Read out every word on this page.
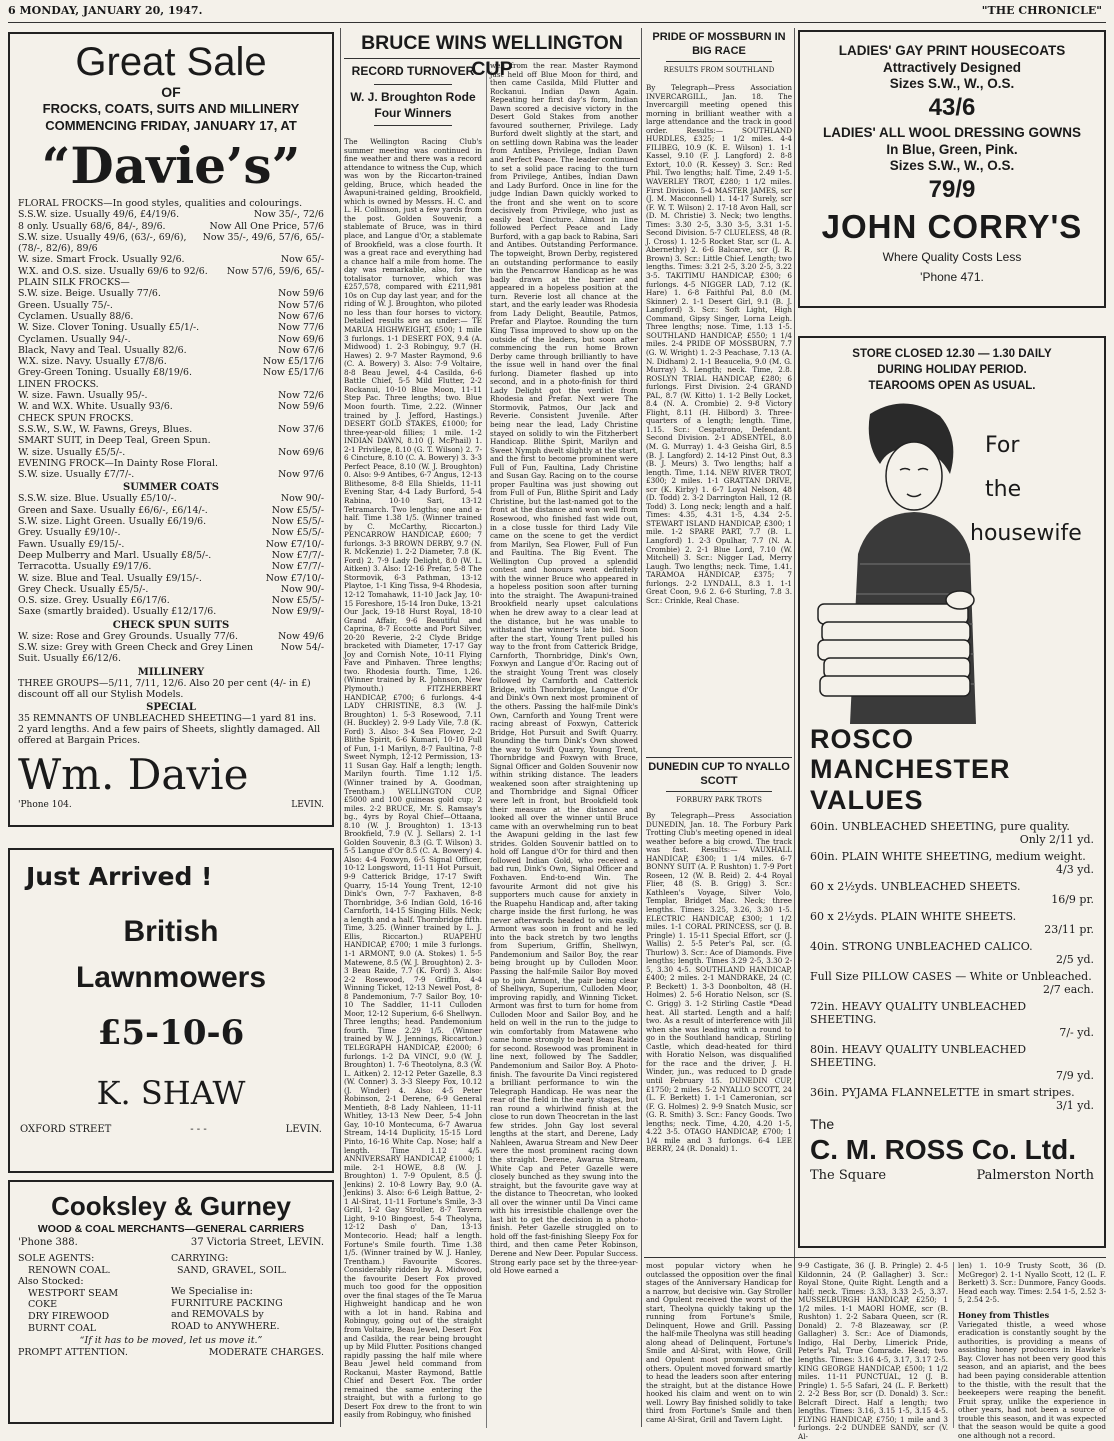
6 MONDAY, JANUARY 20, 1947.	"THE CHRONICLE"
Great Sale
OF
FROCKS, COATS, SUITS AND MILLINERY
COMMENCING FRIDAY, JANUARY 17, AT
“Davie’s”
FLORAL FROCKS—In good styles, qualities and colourings.
S.S.W. size. Usually 49/6, £4/19/6.	Now 35/-, 72/6
8 only. Usually 68/6, 84/-, 89/6.	Now All One Price, 57/6
S.W. size. Usually 49/6, (63/-, 69/6), (78/-, 82/6), 89/6
Now 35/-, 49/6, 57/6, 65/-
W. size. Smart Frock. Usually 92/6.	Now 65/-
W.X. and O.S. size. Usually 69/6 to 92/6.	Now 57/6, 59/6, 65/-
PLAIN SILK FROCKS—
S.W. size. Beige. Usually 77/6.	Now 59/6
Green. Usually 75/-.	Now 57/6
Cyclamen. Usually 88/6.	Now 67/6
W. Size. Clover Toning. Usually £5/1/-.	Now 77/6
Cyclamen. Usually 94/-.	Now 69/6
Black, Navy and Teal. Usually 82/6.	Now 67/6
W.X. size. Navy. Usually £7/8/6.	Now £5/17/6
Grey-Green Toning. Usually £8/19/6.	Now £5/17/6
LINEN FROCKS.
W. size. Fawn. Usually 95/-.	Now 72/6
W. and W.X. White. Usually 93/6.	Now 59/6
CHECK SPUN FROCKS.
S.S.W., S.W., W. Fawns, Greys, Blues.	Now 37/6
SMART SUIT, in Deep Teal, Green Spun.
W. size. Usually £5/5/-.	Now 69/6
EVENING FROCK—In Dainty Rose Floral.
S.W. size. Usually £7/7/-.	Now 97/6
SUMMER COATS
S.S.W. size. Blue. Usually £5/10/-.	Now 90/-
Green and Saxe. Usually £6/6/-, £6/14/-.	Now £5/5/-
S.W. size. Light Green. Usually £6/19/6.	Now £5/5/-
Grey. Usually £9/10/-.	Now £5/5/-
Fawn. Usually £9/15/-.	Now £7/10/-
Deep Mulberry and Marl. Usually £8/5/-.	Now £7/7/-
Terracotta. Usually £9/17/6.	Now £7/7/-
W. size. Blue and Teal. Usually £9/15/-.	Now £7/10/-
Grey Check. Usually £5/5/-.	Now 90/-
O.S. size. Grey. Usually £6/17/6.	Now £5/5/-
Saxe (smartly braided). Usually £12/17/6.	Now £9/9/-
CHECK SPUN SUITS
W. size: Rose and Grey Grounds. Usually 77/6.	Now 49/6
S.W. size: Grey with Green Check and Grey Linen Suit. Usually £6/12/6.
Now 54/-
MILLINERY
THREE GROUPS—5/11, 7/11, 12/6. Also 20 per cent (4/- in £) discount off all our Stylish Models.
SPECIAL
35 REMNANTS OF UNBLEACHED SHEETING—1 yard 81 ins. 2 yard lengths. And a few pairs of Sheets, slightly damaged. All offered at Bargain Prices.
Wm. Davie
'Phone 104.	LEVIN.
Just Arrived !
British
Lawnmowers
£5-10-6
K. SHAW
OXFORD STREET	- - -	LEVIN.
Cooksley & Gurney
WOOD & COAL MERCHANTS—GENERAL CARRIERS
'Phone 388.	37 Victoria Street, LEVIN.
SOLE AGENTS:
RENOWN COAL.
Also Stocked:
WESTPORT SEAM
COKE
DRY FIREWOOD
BURNT COAL
CARRYING:
SAND, GRAVEL, SOIL.
We Specialise in:
FURNITURE PACKING
and REMOVALS by
ROAD to ANYWHERE.
“If it has to be moved, let us move it.”
PROMPT ATTENTION.	MODERATE CHARGES.
BRUCE WINS WELLINGTON CUP
RECORD TURNOVER
W. J. Broughton Rode Four Winners

The Wellington Racing Club's summer meeting was continued in fine weather and there was a record attendance to witness the Cup, which was won by the Riccarton-trained gelding, Bruce, which headed the Awapuni-trained gelding, Brookfield, which is owned by Messrs. H. C. and L. H. Collinson, just a few yards from the post. Golden Souvenir, a stablemate of Bruce, was in third place, and Langue d'Or, a stablemate of Brookfield, was a close fourth. It was a great race and everything had a chance half a mile from home. The day was remarkable, also, for the totalisator turnover, which was £257,578, compared with £211,981 10s on Cup day last year, and for the riding of W. J. Broughton, who piloted no less than four horses to victory. Detailed results are as under:— TE MARUA HIGHWEIGHT, £500; 1 mile 3 furlongs. 1-1 DESERT FOX, 9.4 (A. Midwood) 1. 2-3 Robinguy, 9.7 (H. Hawes) 2. 9-7 Master Raymond, 9.6 (C. A. Bowery) 3. Also: 7-9 Voltaire, 8-8 Beau Jewel, 4-4 Casilda, 6-6 Battle Chief, 5-5 Mild Flutter, 2-2 Rockanui, 10-10 Blue Moon, 11-11 Step Pac. Three lengths; two. Blue Moon fourth. Time, 2.22. (Winner trained by J. Jefford, Hastings.) DESERT GOLD STAKES, £1000; for three-year-old fillies; 1 mile. 1-2 INDIAN DAWN, 8.10 (J. McPhail) 1. 2-1 Privilege, 8.10 (G. T. Wilson) 2. 7-6 Cincture, 8.10 (C. A. Bowery) 3. 3-3 Perfect Peace, 8.10 (W. J. Broughton) 0. Also: 9-9 Antibes, 6-7 Angus, 12-13 Blithesome, 8-8 Ella Shields, 11-11 Evening Star, 4-4 Lady Burford, 5-4 Rabina, 10-10 Sari, 13-12 Tetramarch. Two lengths; one and a-half. Time 1.38 1/5. (Winner trained by C. McCarthy, Riccarton.) PENCARROW HANDICAP, £600; 7 furlongs. 3-3 BROWN DERBY, 9.7 (N. R. McKenzie) 1. 2-2 Diameter, 7.8 (K. Ford) 2. 7-9 Lady Delight, 8.0 (W. L. Aitken) 3. Also: 12-16 Prefar, 5-8 The Stormovik, 6-3 Pathman, 13-12 Playtoe, 1-1 King Tissa, 9-4 Rhodesia, 12-12 Tomahawk, 11-10 Jack Jay, 10-15 Foreshore, 15-14 Iron Duke, 13-21 Our Jack, 19-18 Hurst Royal, 18-10 Grand Affair, 9-6 Beautiful and Caprina, 8-7 Eccotte and Port Silver, 20-20 Reverie, 2-2 Clyde Bridge bracketed with Diameter, 17-17 Gay Joy and Cornish Note, 10-11 Flying Fave and Pinhaven. Three lengths; two. Rhodesia fourth. Time, 1.26. (Winner trained by R. Johnson, New Plymouth.) FITZHERBERT HANDICAP, £700; 6 furlongs. 4-4 LADY CHRISTINE, 8.3 (W. J. Broughton) 1. 5-3 Rosewood, 7.11 (H. Buckley) 2. 9-9 Lady Vile, 7.8 (K. Ford) 3. Also: 3-4 Sea Flower, 2-2 Blithe Spirit, 6-6 Kumari, 10-10 Full of Fun, 1-1 Marilyn, 8-7 Faultina, 7-8 Sweet Nymph, 12-12 Permission, 13-11 Susan Gay. Half a length; length. Marilyn fourth. Time 1.12 1/5. (Winner trained by A. Goodman, Trentham.) WELLINGTON CUP, £5000 and 100 guineas gold cup; 2 miles. 2-2 BRUCE, Mr. S. Ramsay's bg., 4yrs by Royal Chief—Ottaana, 8.10 (W. J. Broughton) 1. 13-13 Brookfield, 7.9 (V. J. Sellars) 2. 1-1 Golden Souvenir, 8.3 (G. T. Wilson) 3. 5-5 Langue d'Or 8.5 (C. A. Bowery) 4. Also: 4-4 Foxwyn, 6-5 Signal Officer, 10-12 Longsword, 11-11 Hot Pursuit, 9-9 Catterick Bridge, 17-17 Swift Quarry, 15-14 Young Trent, 12-10 Dink's Own, 7-7 Faxhaven, 8-8 Thornbridge, 3-6 Indian Gold, 16-16 Carnforth, 14-15 Singing Hills. Neck; a length and a half. Thornbridge fifth. Time, 3.25. (Winner trained by L. J. Ellis, Riccarton.) RUAPEHU HANDICAP, £700; 1 mile 3 furlongs. 1-1 ARMONT, 9.0 (A. Stokes) 1. 5-5 Matewene, 8.5 (W. J. Broughton) 2. 3-3 Beau Raide, 7.7 (K. Ford) 3. Also: 2-2 Rosewood, 7-9 Griffin, 4-4 Winning Ticket, 12-13 Newel Post, 8-8 Pandemonium, 7-7 Sailor Boy, 10-10 The Saddler, 11-11 Culloden Moor, 12-12 Superium, 6-6 Shellwyn. Three lengths; head. Pandemonium fourth. Time 2.29 1/5. (Winner trained by W. J. Jennings, Riccarton.) TELEGRAPH HANDICAP, £2000; 6 furlongs. 1-2 DA VINCI, 9.0 (W. J. Broughton) 1. 7-6 Theotolyna, 8.3 (W. L. Aitken) 2. 12-12 Peter Gazelle, 8.3 (W. Conner) 3. 3-3 Sleepy Fox, 10.12 (J. Winder) 4. Also: 4-5 Peter Robinson, 2-1 Derene, 6-9 General Mentieth, 8-8 Lady Nahleen, 11-11 Whitley, 13-13 New Deer, 5-4 John Gay, 10-10 Montecuma, 6-7 Awarua Stream, 14-14 Duplicity, 15-15 Lord Pinto, 16-16 White Cap. Nose; half a length. Time 1.12 4/5. ANNIVERSARY HANDICAP, £1000; 1 mile. 2-1 HOWE, 8.8 (W. J. Broughton) 1. 7-9 Opulent, 8.5 (J. Jenkins) 2. 10-8 Lowry Bay, 9.0 (A. Jenkins) 3. Also: 6-6 Leigh Battue, 2-1 Al-Sirat, 11-11 Fortune's Smile, 3-3 Grill, 1-2 Gay Stroller, 8-7 Tavern Light, 9-10 Bingoest, 5-4 Theolyna, 12-12 Dash o' Dan, 13-13 Montecorio. Head; half a length. Fortune's Smile fourth. Time 1.38 1/5. (Winner trained by W. J. Hanley, Trentham.) Favourite Scores. Considerably ridden by A. Midwood, the favourite Desert Fox proved much too good for the opposition over the final stages of the Te Marua Highweight handicap and he won with a lot in hand. Rabina and Robinguy, going out of the straight from Voltaire, Beau Jewel, Desert Fox and Casilda, the rear being brought up by Mild Flutter. Positions changed rapidly passing the half mile where Beau Jewel held command from Rockanui, Master Raymond, Battle Chief and Desert Fox. The order remained the same entering the straight, but with a furlong to go Desert Fox drew to the front to win easily from Robinguy, who finished

well from the rear. Master Raymond just held off Blue Moon for third, and then came Casilda, Mild Flutter and Rockanui. Indian Dawn Again. Repeating her first day's form, Indian Dawn scored a decisive victory in the Desert Gold Stakes from another favoured southerner, Privilege. Lady Burford dwelt slightly at the start, and on settling down Rabina was the leader from Antibes, Privilege, Indian Dawn and Perfect Peace. The leader continued to set a solid pace racing to the turn from Privilege, Antibes, Indian Dawn and Lady Burford. Once in line for the judge Indian Dawn quickly worked to the front and she went on to score decisively from Privilege, who just as easily beat Cincture. Almost in line followed Perfect Peace and Lady Burford, with a gap back to Rabina, Sari and Antibes. Outstanding Performance. The topweight, Brown Derby, registered an outstanding performance to easily win the Pencarrow Handicap as he was badly drawn at the barrier and appeared in a hopeless position at the turn. Reverie lost all chance at the start, and the early leader was Rhodesia from Lady Delight, Beautile, Patmos, Prefar and Playtoe. Rounding the turn King Tissa improved to show up on the outside of the leaders, but soon after commencing the run home Brown Derby came through brilliantly to have the issue well in hand over the final furlong. Diameter flashed up into second, and in a photo-finish for third Lady Delight got the verdict from Rhodesia and Prefar. Next were The Stormovik, Patmos, Our Jack and Reverie. Consistent Juvenile. After being near the lead, Lady Christine stayed on solidly to win the Fitzherbert Handicap. Blithe Spirit, Marilyn and Sweet Nymph dwelt slightly at the start, and the first to become prominent were Full of Fun, Faultina, Lady Christine and Susan Gay. Racing on to the course proper Faultina was just showing out from Full of Fun, Blithe Spirit and Lady Christine, but the last-named got to the front at the distance and won well from Rosewood, who finished fast wide out, in a close tussle for third Lady Vile came on the scene to get the verdict from Marilyn, Sea Flower, Full of Fun and Faultina. The Big Event. The Wellington Cup proved a splendid contest and honours went definitely with the winner Bruce who appeared in a hopeless position soon after turning into the straight. The Awapuni-trained Brookfield nearly upset calculations when he drew away to a clear lead at the distance, but he was unable to withstand the winner's late bid. Soon after the start, Young Trent pulled his way to the front from Catterick Bridge, Carnforth, Thornbridge, Dink's Own, Foxwyn and Langue d'Or. Racing out of the straight Young Trent was closely followed by Carnforth and Catterick Bridge, with Thornbridge, Langue d'Or and Dink's Own next most prominent of the others. Passing the half-mile Dink's Own, Carnforth and Young Trent were racing abreast of Foxwyn, Catterick Bridge, Hot Pursuit and Swift Quarry. Rounding the turn Dink's Own showed the way to Swift Quarry, Young Trent, Thornbridge and Foxwyn with Bruce, Signal Officer and Golden Souvenir now within striking distance. The leaders weakened soon after straightening up and Thornbridge and Signal Officer were left in front, but Brookfield took their measure at the distance and looked all over the winner until Bruce came with an overwhelming run to beat the Awapuni gelding in the last few strides. Golden Souvenir battled on to hold off Langue d'Or for third and then followed Indian Gold, who received a bad run, Dink's Own, Signal Officer and Foxhaven. End-to-end Win. The favourite Armont did not give his supporters much cause for anxiety in the Ruapehu Handicap and, after taking charge inside the first furlong, he was never afterwards headed to win easily. Armont was soon in front and he led into the back stretch by two lengths from Superium, Griffin, Shellwyn, Pandemonium and Sailor Boy, the rear being brought up by Culloden Moor. Passing the half-mile Sailor Boy moved up to join Armont, the pair being clear of Shellwyn, Superium, Culloden Moor, improving rapidly, and Winning Ticket. Armont was first to turn for home from Culloden Moor and Sailor Boy, and he held on well in the run to the judge to win comfortably from Matawene who came home strongly to beat Beau Raide for second. Rosewood was prominent in line next, followed by The Saddler, Pandemonium and Sailor Boy. A Photo-finish. The favourite Da Vinci registered a brilliant performance to win the Telegraph Handicap. He was near the rear of the field in the early stages, but ran round a whirlwind finish at the close to run down Theocretan in the last few strides. John Gay lost several lengths at the start, and Derene, Lady Nahleen, Awarua Stream and New Deer were the most prominent racing down the straight. Derene, Awarua Stream, White Cap and Peter Gazelle were closely bunched as they swung into the straight, but the favourite gave way at the distance to Theocretan, who looked all over the winner until Da Vinci came with his irresistible challenge over the last bit to get the decision in a photo-finish. Peter Gazelle struggled on to hold off the fast-finishing Sleepy Fox for third, and then came Peter Robinson, Derene and New Deer. Popular Success. Strong early pace set by the three-year-old Howe earned a

PRIDE OF MOSSBURN IN BIG RACE
RESULTS FROM SOUTHLAND

By Telegraph—Press Association INVERCARGILL, Jan. 18. The Invercargill meeting opened this morning in brilliant weather with a large attendance and the track in good order. Results:— SOUTHLAND HURDLES, £325; 1 1/2 miles. 4-4 FILIBEG, 10.9 (K. E. Wilson) 1. 1-1 Kassel, 9.10 (F. J. Langford) 2. 8-8 Extort, 10.0 (R. Kessey) 3. Scr.: Red Phil. Two lengths; half. Time, 2.49 1-5. WAVERLEY TROT, £280; 1 1/2 miles. First Division. 5-4 MASTER JAMES, scr (J. M. Macconnell) 1. 14-17 Surely, scr (F. W. T. Wilson) 2. 17-18 Avon Hall, scr (D. M. Christie) 3. Neck; two lengths. Times: 3.30 2-5, 3.30 3-5, 3.31 1-5. Second Division. 5-7 CLUELESS, 48 (R. J. Cross) 1. 12-5 Rocket Star, scr (L. A. Abernethy) 2. 6-6 Balcarve, scr (J. R. Brown) 3. Scr.: Little Chief. Length; two lengths. Times: 3.21 2-5, 3.20 2-5, 3.22 3-5. TAKITIMU HANDICAP, £300; 6 furlongs. 4-5 NIGGER LAD, 7.12 (K. Hare) 1. 6-8 Faithful Pal, 8.0 (M. Skinner) 2. 1-1 Desert Girl, 9.1 (B. J. Langford) 3. Scr.: Soft Light, High Command, Gipsy Singer, Lorna Leigh. Three lengths; nose. Time, 1.13 1-5. SOUTHLAND HANDICAP, £550; 1 1/4 miles. 2-4 PRIDE OF MOSSBURN, 7.7 (G. W. Wright) 1. 2-3 Peachase, 7.13 (A. N. Didham) 2. 1-1 Beaucelia, 9.0 (M. G. Murray) 3. Length; neck. Time, 2.8. ROSLYN TRIAL HANDICAP, £280; 6 furlongs. First Division. 2-4 GRAND PAL, 8.7 (W. Kitto) 1. 1-2 Belly Locket, 8.4 (N. A. Crombie) 2. 9-8 Victory Flight, 8.11 (H. Hilbord) 3. Three-quarters of a length; length. Time, 1.15. Scr.: Cespatrono, Defendant. Second Division. 2-1 ADSENTEL, 8.0 (M. G. Murray) 1. 4-3 Geisha Girl, 8.5 (B. J. Langford) 2. 14-12 Pinst Out, 8.3 (B. J. Meurs) 3. Two lengths; half a length. Time, 1.14. NEW RIVER TROT, £300; 2 miles. 1-1 GRATTAN DRIVE, scr (K. Kirby) 1. 6-7 Loyal Nelson, 48 (D. Todd) 2. 3-2 Darrington Hall, 12 (R. Todd) 3. Long neck; length and a half. Times: 4.35, 4.31 1-5, 4.34 2-5. STEWART ISLAND HANDICAP, £300; 1 mile. 1-2 SPARE PART, 7.7 (B. L. Langford) 1. 2-3 Opulhar, 7.7 (N. A. Crombie) 2. 2-1 Blue Lord, 7.10 (W. Mitchell) 3. Scr.: Nigger Lad, Merry Laugh. Two lengths; neck. Time, 1.41. TARAMOA HANDICAP, £375; 7 furlongs. 2-2 LYNDALL, 8.3 1. 1-1 Great Coon, 9.6 2. 6-6 Sturling, 7.8 3. Scr.: Crinkle, Real Chase.

DUNEDIN CUP TO NYALLO SCOTT
FORBURY PARK TROTS

By Telegraph—Press Association DUNEDIN, Jan. 18. The Forbury Park Trotting Club's meeting opened in ideal weather before a big crowd. The track was fast. Results:— VAUXHALL HANDICAP, £300; 1 1/4 miles. 6-7 BONNY SUIT (A. P. Rushton) 1. 7-9 Port Roseen, 12 (W. B. Reid) 2. 4-4 Royal Flier, 48 (S. B. Grigg) 3. Scr.: Kathleen's Voyage, Silver Volo, Templar, Bridget Mac. Neck; three lengths. Times: 3.25, 3.26, 3.30 1-5. ELECTRIC HANDICAP, £300; 1 1/2 miles. 1-1 CORAL PRINCESS, scr (J. B. Pringle) 1. 15-11 Special Effort, scr (J. Wallis) 2. 5-5 Peter's Pal, scr. (G. Thurlow) 3. Scr.: Ace of Diamonds. Five lengths; length. Times 3.29 2-5, 3.30 2-5, 3.30 4-5. SOUTHLAND HANDICAP, £400; 2 miles. 2-1 MANDRAKE, 24 (C. P. Beckett) 1. 3-3 Doonbolton, 48 (H. Holmes) 2. 5-6 Horatio Nelson, scr (S. C. Grigg) 3. 1-2 Stirling Castle *Dead heat. All started. Length and a half; two. As a result of interference with Jill when she was leading with a round to go in the Southland handicap, Stirling Castle, which dead-heated for third with Horatio Nelson, was disqualified for the race and the driver, J. H. Winder, jun., was reduced to D grade until February 15. DUNEDIN CUP, £1750; 2 miles. 5-2 NYALLO SCOTT, 24 (L. F. Berkett) 1. 1-1 Cameronian, scr (F. G. Holmes) 2. 9-9 Snatch Music, scr (G. R. Smith) 3. Scr.: Fancy Goods. Two lengths; neck. Time, 4.20, 4.20 1-5, 4.22 3-5. OTAGO HANDICAP, £700; 1 1/4 mile and 3 furlongs. 6-4 LEE BERRY, 24 (R. Donald) 1.

most popular victory when he outclassed the opposition over the final stages of the Anniversary Handicap for a narrow, but decisive win. Gay Stroller and Opulent received the worst of the start, Theolyna quickly taking up the running from Fortune's Smile, Delinquent, Howe and Grill. Passing the half-mile Theolyna was still heading along ahead of Delinquent, Fortune's Smile and Al-Sirat, with Howe, Grill and Opulent most prominent of the others. Opulent moved forward smartly to head the leaders soon after entering the straight, but at the distance Howe hooked his claim and went on to win well. Lowry Bay finished solidly to take third from Fortune's Smile and then came Al-Sirat, Grill and Tavern Light.

9-9 Castigate, 36 (J. B. Pringle) 2. 4-5 Kildonnin, 24 (P. Gallagher) 3. Scr.: Royal Stone, Quite Right. Length and a half; neck. Times: 3.33, 3.33 2-5, 3.37. MUSSELBURGH HANDICAP, £250; 1 1/2 miles. 1-1 MAORI HOME, scr (B. Rushton) 1. 2-2 Sabara Queen, scr (R. Donald) 2. 7-8 Blazeaway, scr (P. Gallagher) 3. Scr.: Ace of Diamonds, Indigo, Hal Derby, Limerick Pride, Peter's Pal, True Comrade. Head; two lengths. Times: 3.16 4-5, 3.17, 3.17 2-5. KING GEORGE HANDICAP, £500; 1 1/2 miles. 11-11 PUNCTUAL, 12 (J. B. Pringle) 1. 5-5 Safari, 24 (L. F. Berkett) 2. 2-2 Bess Bor, scr (D. Donald) 3. Scr.: Belcraft Direct. Half a length; two lengths. Times: 3.16, 3.15 1-5, 3.15 4-5. FLYING HANDICAP, £750; 1 mile and 3 furlongs. 2-2 DUNDEE SANDY, scr (V. Al-

len) 1. 10-9 Trusty Scott, 36 (D. McGregor) 2. 1-1 Nyallo Scott, 12 (L. F. Berkett) 3. Scr.: Dunmore, Fancy Goods. Head each way. Times: 2.54 1-5, 2.52 3-5, 2.54 2-5.

Honey from Thistles

Variegated thistle, a weed whose eradication is constantly sought by the authorities, is providing a means of assisting honey producers in Hawke's Bay. Clover has not been very good this season, and an apiarist, and the bees had been paying considerable attention to the thistle, with the result that the beekeepers were reaping the benefit. Fruit spray, unlike the experience in other years, had not been a source of trouble this season, and it was expected that the season would be quite a good one although not a record.

LADIES' GAY PRINT HOUSECOATS
Attractively Designed
Sizes S.W., W., O.S.
43/6
LADIES' ALL WOOL DRESSING GOWNS
In Blue, Green, Pink.
Sizes S.W., W., O.S.
79/9
JOHN CORRY'S
Where Quality Costs Less
'Phone 471.
STORE CLOSED 12.30 — 1.30 DAILY
DURING HOLIDAY PERIOD.
TEAROOMS OPEN AS USUAL.
For
the
housewife
ROSCO
MANCHESTER
VALUES
60in. UNBLEACHED SHEETING, pure quality.
Only 2/11 yd.
60in. PLAIN WHITE SHEETING, medium weight.
4/3 yd.
60 x 2½yds. UNBLEACHED SHEETS.
16/9 pr.
60 x 2½yds. PLAIN WHITE SHEETS.
23/11 pr.
40in. STRONG UNBLEACHED CALICO.
2/5 yd.
Full Size PILLOW CASES — White or Unbleached.
2/7 each.
72in. HEAVY QUALITY UNBLEACHED SHEETING.
7/- yd.
80in. HEAVY QUALITY UNBLEACHED SHEETING.
7/9 yd.
36in. PYJAMA FLANNELETTE in smart stripes.
3/1 yd.
The
C. M. ROSS Co. Ltd.
The Square	Palmerston North
